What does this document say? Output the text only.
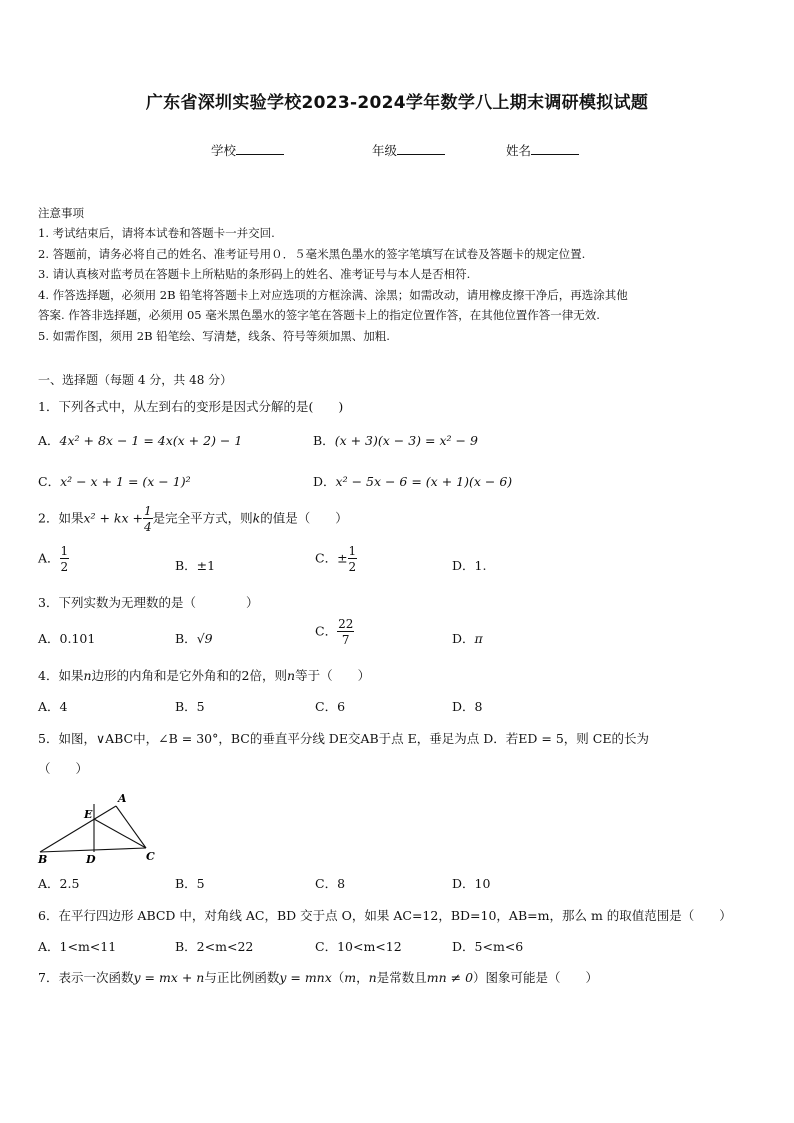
广东省深圳实验学校2023-2024学年数学八上期末调研模拟试题
学校	年级	姓名
注意事项
1. 考试结束后，请将本试卷和答题卡一并交回.
2. 答题前，请务必将自己的姓名、准考证号用０．５毫米黑色墨水的签字笔填写在试卷及答题卡的规定位置.
3. 请认真核对监考员在答题卡上所粘贴的条形码上的姓名、准考证号与本人是否相符.
4. 作答选择题，必须用 2B 铅笔将答题卡上对应选项的方框涂满、涂黑；如需改动，请用橡皮擦干净后，再选涂其他
答案. 作答非选择题，必须用 05 毫米黑色墨水的签字笔在答题卡上的指定位置作答，在其他位置作答一律无效.
5. 如需作图，须用 2B 铅笔绘、写清楚，线条、符号等须加黑、加粗.
一、选择题（每题 4 分，共 48 分）
1．下列各式中，从左到右的变形是因式分解的是(　　)
A．4x² + 8x − 1 = 4x(x + 2) − 1	B．(x + 3)(x − 3) = x² − 9
C．x² − x + 1 = (x − 1)²	D．x² − 5x − 6 = (x + 1)(x − 6)
2．如果x² + kx + $\frac{1}{4}$ 是完全平方式，则k的值是（　　）
A． $\frac{1}{2}$	B．±1	C．± $\frac{1}{2}$	D．1.
3．下列实数为无理数的是（　　　　）
A．0.101	B．√9	C． $\frac{22}{7}$	D．π
4．如果n边形的内角和是它外角和的2倍，则n等于（　　）
A．4	B．5	C．6	D．8
5．如图，∨ABC中，∠B = 30°，BC的垂直平分线 DE交AB于点 E，垂足为点 D．若ED = 5，则 CE的长为
（　　）
A
E
B	D	C
A．2.5	B．5	C．8	D．10
6．在平行四边形 ABCD 中，对角线 AC，BD 交于点 O，如果 AC=12，BD=10，AB=m，那么 m 的取值范围是（　　）
A．1<m<11	B．2<m<22	C．10<m<12	D．5<m<6
7．表示一次函数y = mx + n与正比例函数y = mnx（m，n是常数且mn ≠ 0）图象可能是（　　）
